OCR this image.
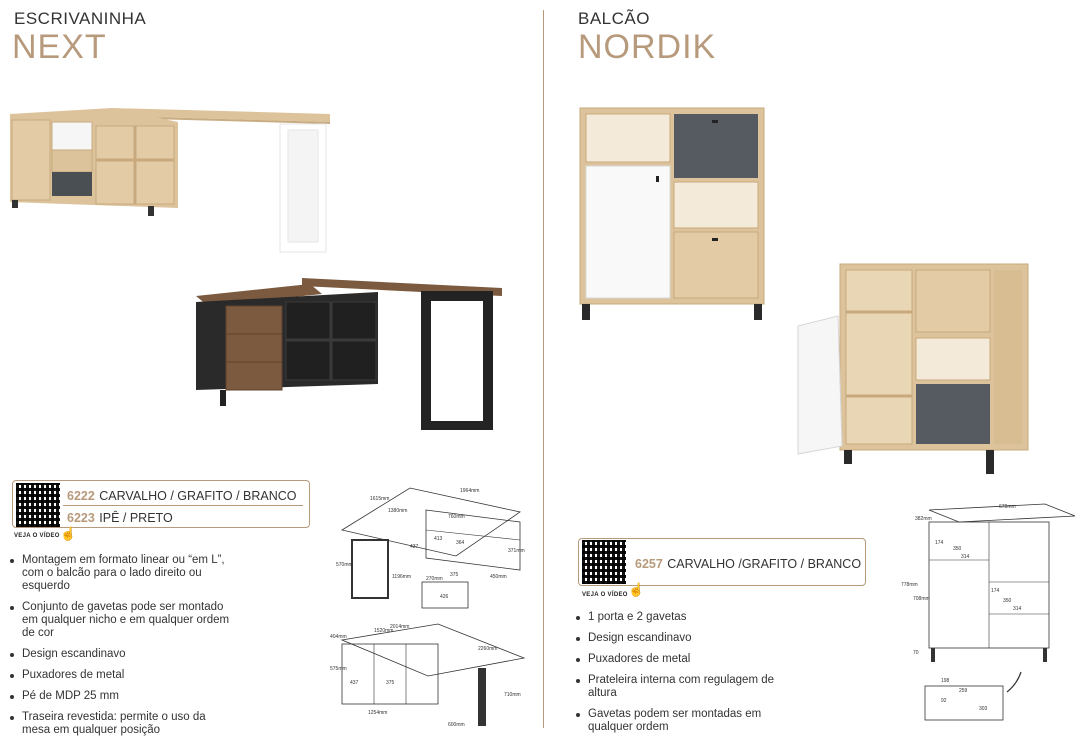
ESCRIVANINHA
NEXT
6222 CARVALHO / GRAFITO / BRANCO
6223 IPÊ / PRETO
VEJA O VÍDEO ☝
Montagem em formato linear ou “em L”, com o balcão para o lado direito ou esquerdo
Conjunto de gavetas pode ser montado em qualquer nicho e em qualquer ordem de cor
Design escandinavo
Puxadores de metal
Pé de MDP 25 mm
Traseira revestida: permite o uso da mesa em qualquer posição
1964mm
1615mm
1380mm
760mm
413
437
1196mm
371mm
270mm
426
375
364
570mm
450mm
2014mm
1520mm
2260mm
404mm
575mm
437	375
1254mm
600mm
710mm
BALCÃO
NORDIK
6257 CARVALHO /GRAFITO / BRANCO
VEJA O VÍDEO ☝
1 porta e 2 gavetas
Design escandinavo
Puxadores de metal
Prateleira interna com regulagem de altura
Gavetas podem ser montadas em qualquer ordem
678mm
382mm
174
350
314
174
350
314
778mm
708mm
70
198
259
92
303
